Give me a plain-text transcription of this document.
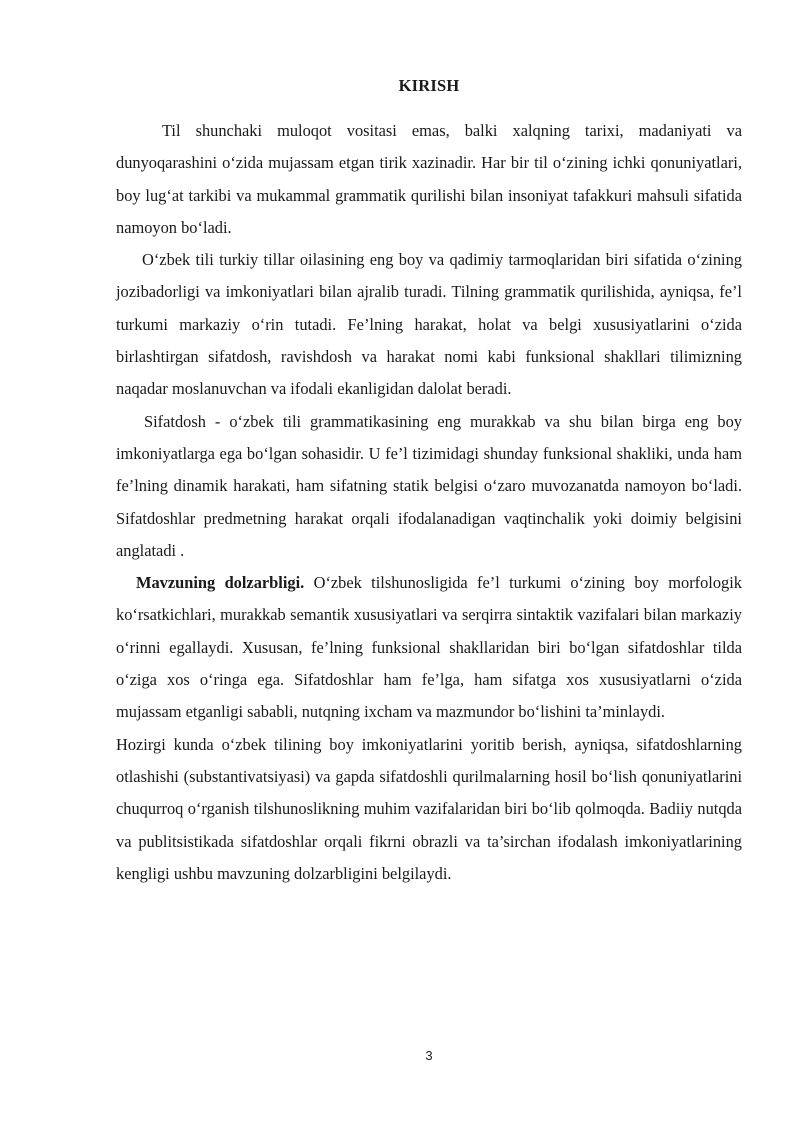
KIRISH

Til shunchaki muloqot vositasi emas, balki xalqning tarixi, madaniyati va dunyoqarashini o‘zida mujassam etgan tirik xazinadir. Har bir til o‘zining ichki qonuniyatlari, boy lug‘at tarkibi va mukammal grammatik qurilishi bilan insoniyat tafakkuri mahsuli sifatida namoyon bo‘ladi.

O‘zbek tili turkiy tillar oilasining eng boy va qadimiy tarmoqlaridan biri sifatida o‘zining jozibadorligi va imkoniyatlari bilan ajralib turadi. Tilning grammatik qurilishida, ayniqsa, fe’l turkumi markaziy o‘rin tutadi. Fe’lning harakat, holat va belgi xususiyatlarini o‘zida birlashtirgan sifatdosh, ravishdosh va harakat nomi kabi funksional shakllari tilimizning naqadar moslanuvchan va ifodali ekanligidan dalolat beradi.

Sifatdosh - o‘zbek tili grammatikasining eng murakkab va shu bilan birga eng boy imkoniyatlarga ega bo‘lgan sohasidir. U fe’l tizimidagi shunday funksional shakliki, unda ham fe’lning dinamik harakati, ham sifatning statik belgisi o‘zaro muvozanatda namoyon bo‘ladi. Sifatdoshlar predmetning harakat orqali ifodalanadigan vaqtinchalik yoki doimiy belgisini anglatadi .

Mavzuning dolzarbligi. O‘zbek tilshunosligida fe’l turkumi o‘zining boy morfologik ko‘rsatkichlari, murakkab semantik xususiyatlari va serqirra sintaktik vazifalari bilan markaziy o‘rinni egallaydi. Xususan, fe’lning funksional shakllaridan biri bo‘lgan sifatdoshlar tilda o‘ziga xos o‘ringa ega. Sifatdoshlar ham fe’lga, ham sifatga xos xususiyatlarni o‘zida mujassam etganligi sababli, nutqning ixcham va mazmundor bo‘lishini ta’minlaydi.

Hozirgi kunda o‘zbek tilining boy imkoniyatlarini yoritib berish, ayniqsa, sifatdoshlarning otlashishi (substantivatsiyasi) va gapda sifatdoshli qurilmalarning hosil bo‘lish qonuniyatlarini chuqurroq o‘rganish tilshunoslikning muhim vazifalaridan biri bo‘lib qolmoqda. Badiiy nutqda va publitsistikada sifatdoshlar orqali fikrni obrazli va ta’sirchan ifodalash imkoniyatlarining kengligi ushbu mavzuning dolzarbligini belgilaydi.

3
